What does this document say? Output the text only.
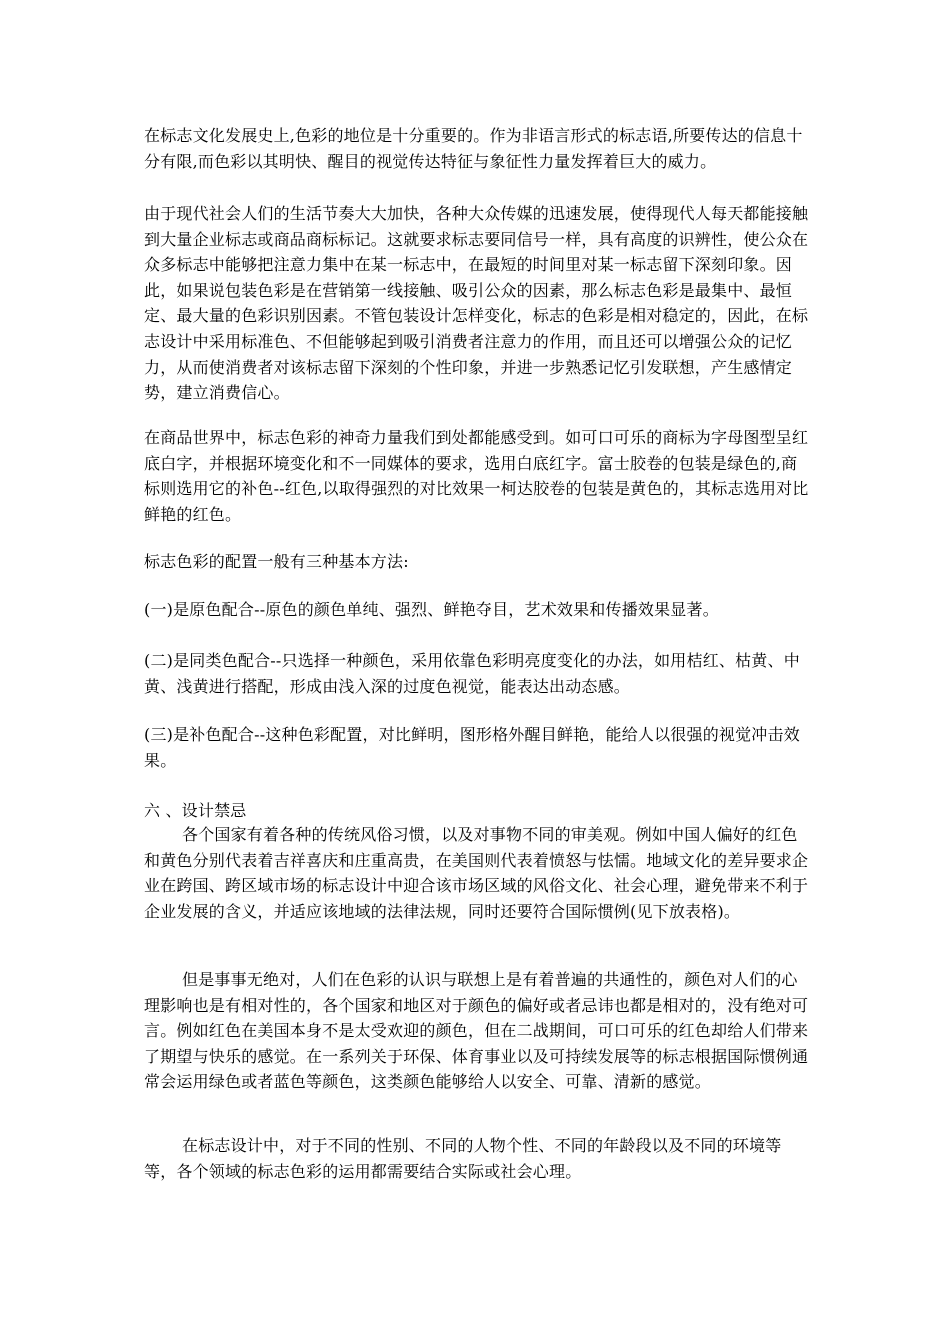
在标志文化发展史上,色彩的地位是十分重要的。作为非语言形式的标志语,所要传达的信息十分有限,而色彩以其明快、醒目的视觉传达特征与象征性力量发挥着巨大的威力。

由于现代社会人们的生活节奏大大加快，各种大众传媒的迅速发展，使得现代人每天都能接触到大量企业标志或商品商标标记。这就要求标志要同信号一样，具有高度的识辨性，使公众在众多标志中能够把注意力集中在某一标志中，在最短的时间里对某一标志留下深刻印象。因此，如果说包装色彩是在营销第一线接触、吸引公众的因素，那么标志色彩是最集中、最恒定、最大量的色彩识别因素。不管包装设计怎样变化，标志的色彩是相对稳定的，因此，在标志设计中采用标准色、不但能够起到吸引消费者注意力的作用，而且还可以增强公众的记忆力，从而使消费者对该标志留下深刻的个性印象，并进一步熟悉记忆引发联想，产生感情定势，建立消费信心。

在商品世界中，标志色彩的神奇力量我们到处都能感受到。如可口可乐的商标为字母图型呈红底白字，并根据环境变化和不一同媒体的要求，选用白底红字。富士胶卷的包装是绿色的,商标则选用它的补色--红色,以取得强烈的对比效果一柯达胶卷的包装是黄色的，其标志选用对比鲜艳的红色。

标志色彩的配置一般有三种基本方法:

(一)是原色配合--原色的颜色单纯、强烈、鲜艳夺目，艺术效果和传播效果显著。

(二)是同类色配合--只选择一种颜色，采用依靠色彩明亮度变化的办法，如用桔红、枯黄、中黄、浅黄进行搭配，形成由浅入深的过度色视觉，能表达出动态感。

(三)是补色配合--这种色彩配置，对比鲜明，图形格外醒目鲜艳，能给人以很强的视觉冲击效果。

六 、设计禁忌

各个国家有着各种的传统风俗习惯，以及对事物不同的审美观。例如中国人偏好的红色和黄色分别代表着吉祥喜庆和庄重高贵，在美国则代表着愤怒与怯懦。地域文化的差异要求企业在跨国、跨区域市场的标志设计中迎合该市场区域的风俗文化、社会心理，避免带来不利于企业发展的含义，并适应该地域的法律法规，同时还要符合国际惯例(见下放表格)。

但是事事无绝对，人们在色彩的认识与联想上是有着普遍的共通性的，颜色对人们的心理影响也是有相对性的，各个国家和地区对于颜色的偏好或者忌讳也都是相对的，没有绝对可言。例如红色在美国本身不是太受欢迎的颜色，但在二战期间，可口可乐的红色却给人们带来了期望与快乐的感觉。在一系列关于环保、体育事业以及可持续发展等的标志根据国际惯例通常会运用绿色或者蓝色等颜色，这类颜色能够给人以安全、可靠、清新的感觉。

在标志设计中，对于不同的性别、不同的人物个性、不同的年龄段以及不同的环境等等，各个领域的标志色彩的运用都需要结合实际或社会心理。
